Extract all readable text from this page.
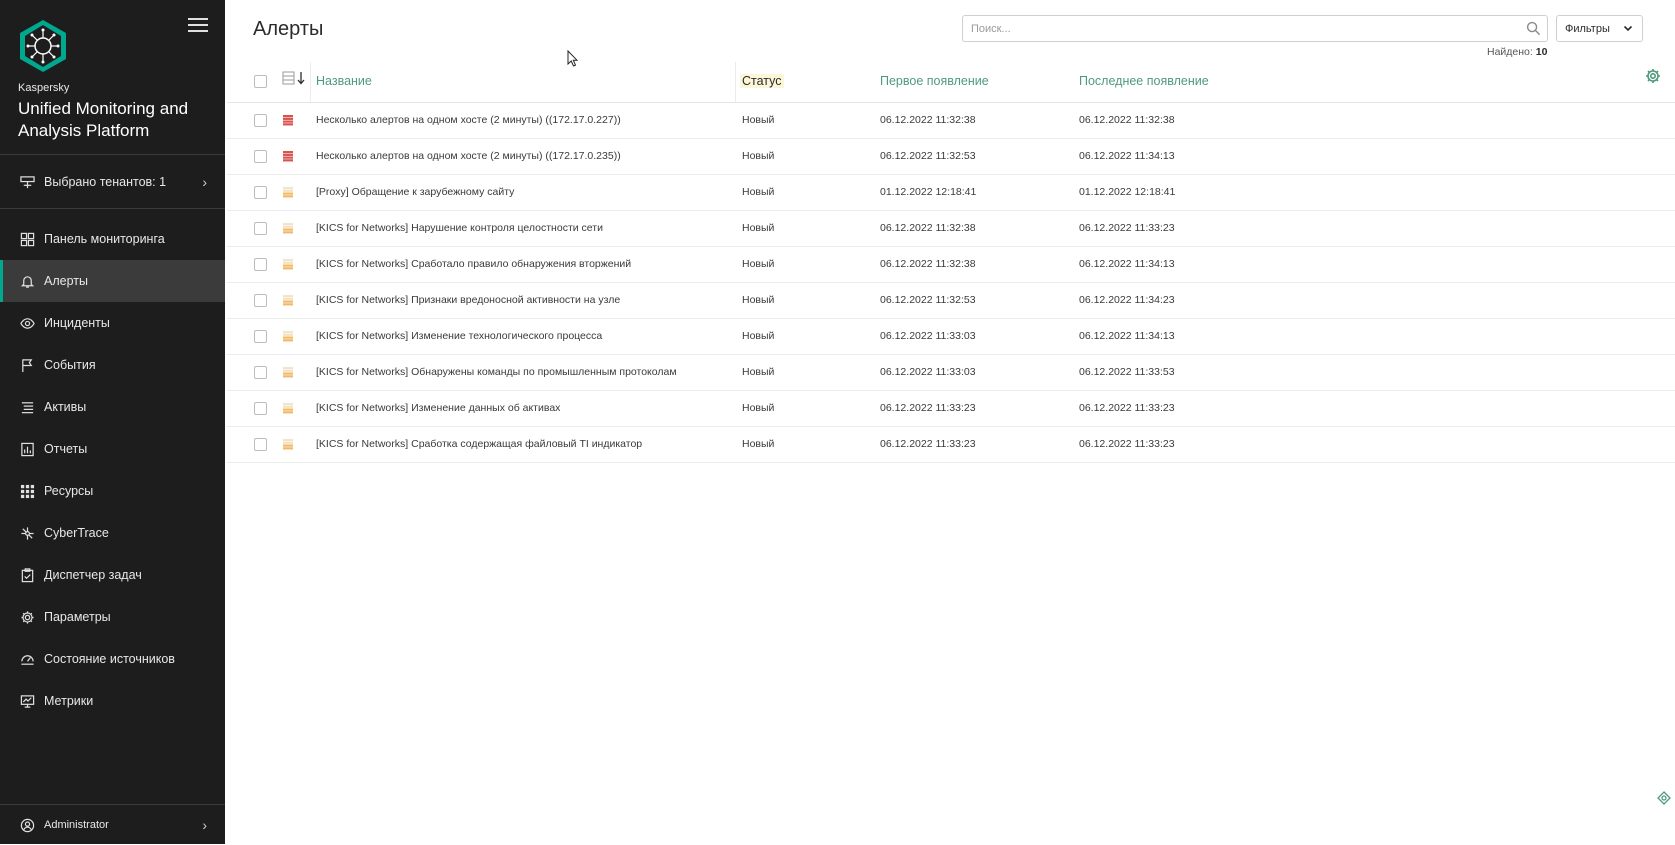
Kaspersky
Unified Monitoring and Analysis Platform
Выбрано тенантов: 1	›
Панель мониторинга
Алерты
Инциденты
События
Активы
Отчеты
Ресурсы
CyberTrace
Диспетчер задач
Параметры
Состояние источников
Метрики
Administrator	›
Алерты
Поиск...	Фильтры
Найдено: 10
Название	Статус	Первое появление	Последнее появление
Несколько алертов на одном хосте (2 минуты) ((172.17.0.227))	Новый	06.12.2022 11:32:38	06.12.2022 11:32:38
Несколько алертов на одном хосте (2 минуты) ((172.17.0.235))	Новый	06.12.2022 11:32:53	06.12.2022 11:34:13
[Proxy] Обращение к зарубежному сайту	Новый	01.12.2022 12:18:41	01.12.2022 12:18:41
[KICS for Networks] Нарушение контроля целостности сети	Новый	06.12.2022 11:32:38	06.12.2022 11:33:23
[KICS for Networks] Сработало правило обнаружения вторжений	Новый	06.12.2022 11:32:38	06.12.2022 11:34:13
[KICS for Networks] Признаки вредоносной активности на узле	Новый	06.12.2022 11:32:53	06.12.2022 11:34:23
[KICS for Networks] Изменение технологического процесса	Новый	06.12.2022 11:33:03	06.12.2022 11:34:13
[KICS for Networks] Обнаружены команды по промышленным протоколам	Новый	06.12.2022 11:33:03	06.12.2022 11:33:53
[KICS for Networks] Изменение данных об активах	Новый	06.12.2022 11:33:23	06.12.2022 11:33:23
[KICS for Networks] Сработка содержащая файловый TI индикатор	Новый	06.12.2022 11:33:23	06.12.2022 11:33:23
